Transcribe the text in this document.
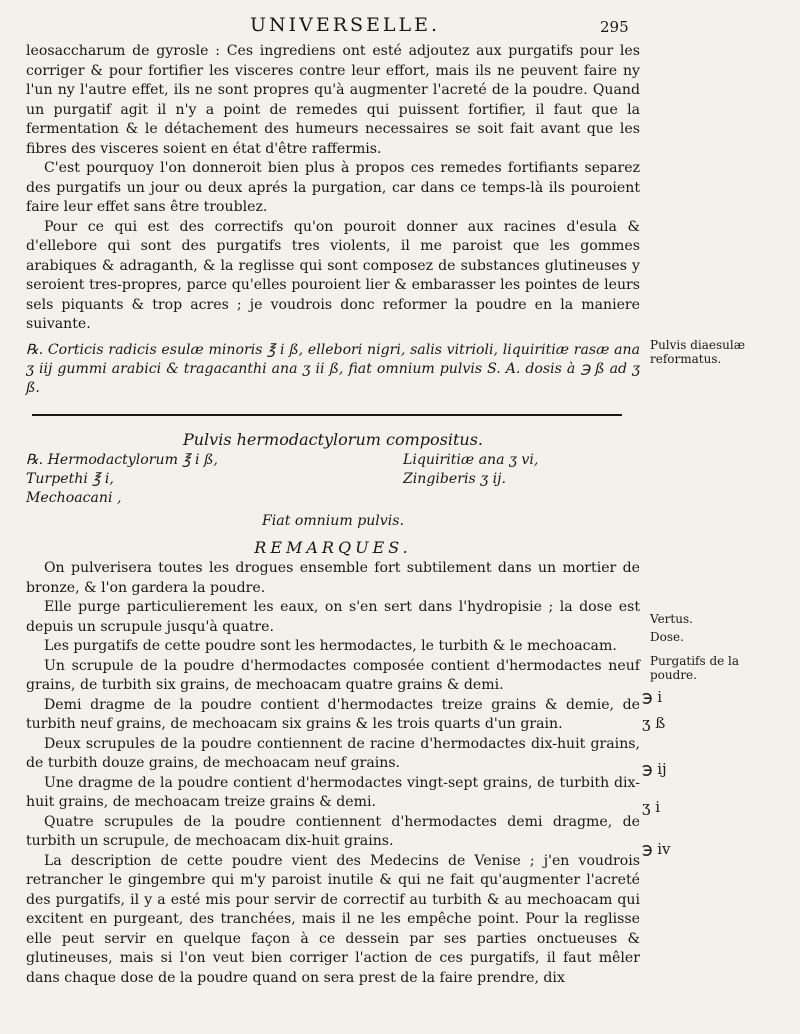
UNIVERSELLE.	295

leosaccharum de gyrosle : Ces ingrediens ont esté adjoutez aux purgatifs pour les corriger & pour fortifier les visceres contre leur effort, mais ils ne peuvent faire ny l'un ny l'autre effet, ils ne sont propres qu'à augmenter l'acreté de la poudre. Quand un purgatif agit il n'y a point de remedes qui puissent fortifier, il faut que la fermentation & le détachement des humeurs necessaires se soit fait avant que les fibres des visceres soient en état d'être raffermis.

C'est pourquoy l'on donneroit bien plus à propos ces remedes fortifiants separez des purgatifs un jour ou deux aprés la purgation, car dans ce temps-là ils pouroient faire leur effet sans être troublez.

Pour ce qui est des correctifs qu'on pouroit donner aux racines d'esula & d'ellebore qui sont des purgatifs tres violents, il me paroist que les gommes arabiques & adraganth, & la reglisse qui sont composez de substances glutineuses y seroient tres-propres, parce qu'elles pouroient lier & embarasser les pointes de leurs sels piquants & trop acres ; je voudrois donc reformer la poudre en la maniere suivante.

℞. Corticis radicis esulæ minoris ℥ i ß, ellebori nigri, salis vitrioli, liquiritiæ rasæ ana ʒ iij gummi arabici & tragacanthi ana ʒ ii ß, fiat omnium pulvis S. A. dosis à ℈ ß ad ʒ ß.

Pulvis hermodactylorum compositus.

℞. Hermodactylorum ℥ i ß,
Turpethi ℥ i,
Mechoacani ,
Liquiritiæ ana ʒ vi,
Zingiberis ʒ ij.

Fiat omnium pulvis.

REMARQUES.

On pulverisera toutes les drogues ensemble fort subtilement dans un mortier de bronze, & l'on gardera la poudre.

Elle purge particulierement les eaux, on s'en sert dans l'hydropisie ; la dose est depuis un scrupule jusqu'à quatre.

Les purgatifs de cette poudre sont les hermodactes, le turbith & le mechoacam.

Un scrupule de la poudre d'hermodactes composée contient d'hermodactes neuf grains, de turbith six grains, de mechoacam quatre grains & demi.

Demi dragme de la poudre contient d'hermodactes treize grains & demie, de turbith neuf grains, de mechoacam six grains & les trois quarts d'un grain.

Deux scrupules de la poudre contiennent de racine d'hermodactes dix-huit grains, de turbith douze grains, de mechoacam neuf grains.

Une dragme de la poudre contient d'hermodactes vingt-sept grains, de turbith dix-huit grains, de mechoacam treize grains & demi.

Quatre scrupules de la poudre contiennent d'hermodactes demi dragme, de turbith un scrupule, de mechoacam dix-huit grains.

La description de cette poudre vient des Medecins de Venise ; j'en voudrois retrancher le gingembre qui m'y paroist inutile & qui ne fait qu'augmenter l'acreté des purgatifs, il y a esté mis pour servir de correctif au turbith & au mechoacam qui excitent en purgeant, des tranchées, mais il ne les empêche point. Pour la reglisse elle peut servir en quelque façon à ce dessein par ses parties onctueuses & glutineuses, mais si l'on veut bien corriger l'action de ces purgatifs, il faut mêler dans chaque dose de la poudre quand on sera prest de la faire prendre, dix

Pulvis diaesulæ reformatus.
Vertus.
Dose.
Purgatifs de la poudre.
℈ i
ʒ ß
℈ ij
ʒ i
℈ iv
